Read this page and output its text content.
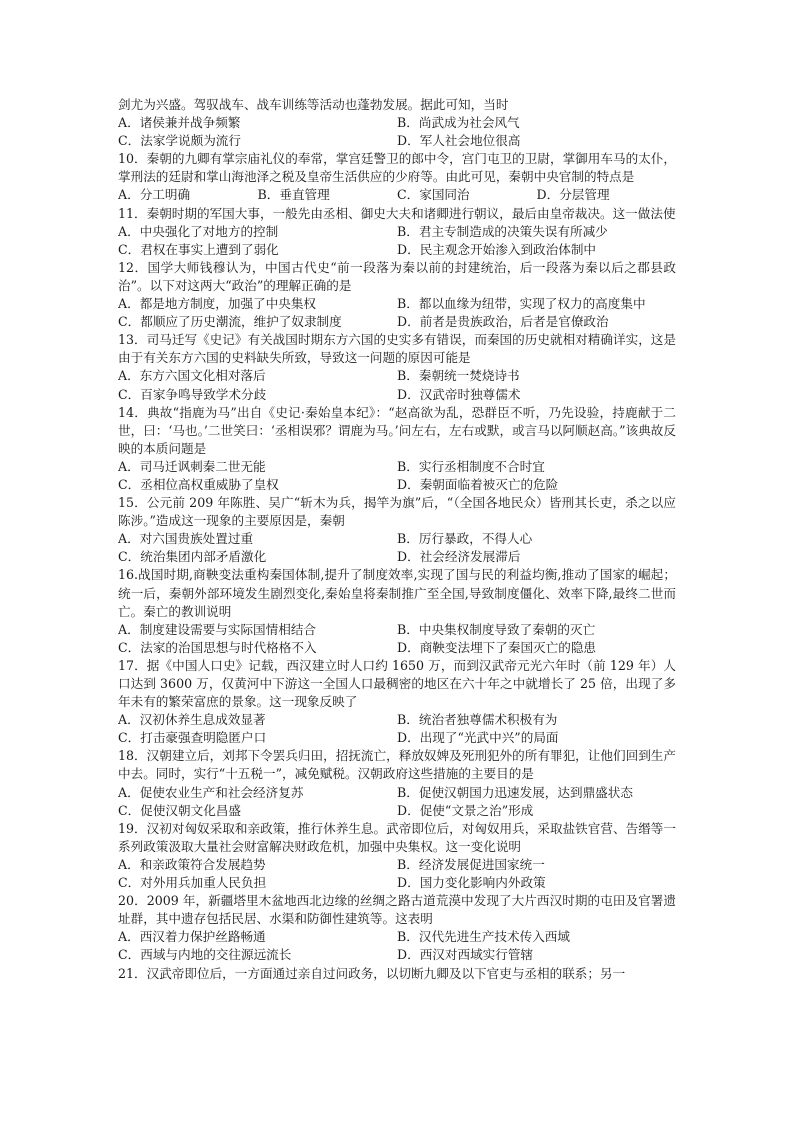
剑尤为兴盛。驾驭战车、战车训练等活动也蓬勃发展。据此可知，当时

A．诸侯兼并战争频繁	B．尚武成为社会风气
C．法家学说颇为流行	D．军人社会地位很高

10．秦朝的九卿有掌宗庙礼仪的奉常，掌宫廷警卫的郎中令，宫门屯卫的卫尉，掌御用车马的太仆，掌刑法的廷尉和掌山海池泽之税及皇帝生活供应的少府等。由此可见，秦朝中央官制的特点是

A．分工明确	B．垂直管理	C．家国同治	D．分层管理

11．秦朝时期的军国大事，一般先由丞相、御史大夫和诸卿进行朝议，最后由皇帝裁决。这一做法使

A．中央强化了对地方的控制	B．君主专制造成的决策失误有所减少
C．君权在事实上遭到了弱化	D．民主观念开始渗入到政治体制中

12．国学大师钱穆认为，中国古代史“前一段落为秦以前的封建统治，后一段落为秦以后之郡县政治”。以下对这两大“政治”的理解正确的是

A．都是地方制度，加强了中央集权	B．都以血缘为纽带，实现了权力的高度集中
C．都顺应了历史潮流，维护了奴隶制度	D．前者是贵族政治，后者是官僚政治

13．司马迁写《史记》有关战国时期东方六国的史实多有错误，而秦国的历史就相对精确详实，这是由于有关东方六国的史料缺失所致，导致这一问题的原因可能是

A．东方六国文化相对落后	B．秦朝统一焚烧诗书
C．百家争鸣导致学术分歧	D．汉武帝时独尊儒术

14．典故“指鹿为马”出自《史记·秦始皇本纪》：“赵高欲为乱，恐群臣不听，乃先设验，持鹿献于二世，曰：‘马也。’二世笑曰：‘丞相误邪？谓鹿为马。’问左右，左右或默，或言马以阿顺赵高。”该典故反映的本质问题是

A．司马迁讽刺秦二世无能	B．实行丞相制度不合时宜
C．丞相位高权重威胁了皇权	D．秦朝面临着被灭亡的危险

15．公元前 209 年陈胜、吴广“斩木为兵，揭竿为旗”后，“（全国各地民众）皆刑其长吏，杀之以应陈涉。”造成这一现象的主要原因是，秦朝

A．对六国贵族处置过重	B．厉行暴政，不得人心
C．统治集团内部矛盾激化	D．社会经济发展滞后

16.战国时期,商鞅变法重构秦国体制,提升了制度效率,实现了国与民的利益均衡,推动了国家的崛起；统一后，秦朝外部环境发生剧烈变化,秦始皇将秦制推广至全国,导致制度僵化、效率下降,最终二世而亡。秦亡的教训说明

A．制度建设需要与实际国情相结合	B．中央集权制度导致了秦朝的灭亡
C．法家的治国思想与时代格格不入	D．商鞅变法埋下了秦国灭亡的隐患

17．据《中国人口史》记载，西汉建立时人口约 1650 万，而到汉武帝元光六年时（前 129 年）人口达到 3600 万，仅黄河中下游这一全国人口最稠密的地区在六十年之中就增长了 25 倍，出现了多年未有的繁荣富庶的景象。这一现象反映了

A．汉初休养生息成效显著	B．统治者独尊儒术积极有为
C．打击豪强查明隐匿户口	D．出现了“光武中兴”的局面

18．汉朝建立后，刘邦下令罢兵归田，招抚流亡，释放奴婢及死刑犯外的所有罪犯，让他们回到生产中去。同时，实行“十五税一”，减免赋税。汉朝政府这些措施的主要目的是

A．促使农业生产和社会经济复苏	B．促使汉朝国力迅速发展，达到鼎盛状态
C．促使汉朝文化昌盛	D．促使“文景之治”形成

19．汉初对匈奴采取和亲政策，推行休养生息。武帝即位后，对匈奴用兵，采取盐铁官营、告缗等一系列政策汲取大量社会财富解决财政危机，加强中央集权。这一变化说明

A．和亲政策符合发展趋势	B．经济发展促进国家统一
C．对外用兵加重人民负担	D．国力变化影响内外政策

20．2009 年，新疆塔里木盆地西北边缘的丝绸之路古道荒漠中发现了大片西汉时期的屯田及官署遗址群，其中遗存包括民居、水渠和防御性建筑等。这表明

A．西汉着力保护丝路畅通	B．汉代先进生产技术传入西域
C．西域与内地的交往源远流长	D．西汉对西域实行管辖

21．汉武帝即位后，一方面通过亲自过问政务，以切断九卿及以下官吏与丞相的联系；另一
